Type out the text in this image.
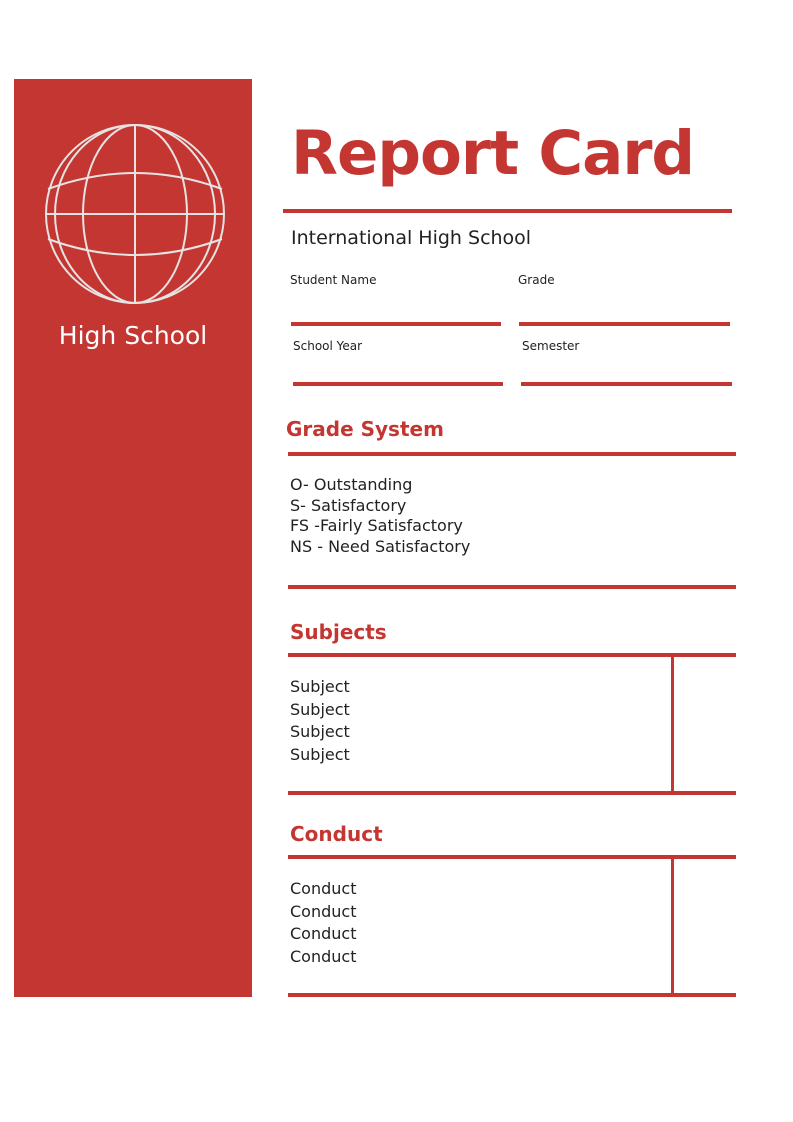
High School
Report Card
International High School
Student Name	Grade
School Year	Semester
Grade System
O- Outstanding
S- Satisfactory
FS -Fairly Satisfactory
NS - Need Satisfactory
Subjects
Subject
Subject
Subject
Subject
Conduct
Conduct
Conduct
Conduct
Conduct
